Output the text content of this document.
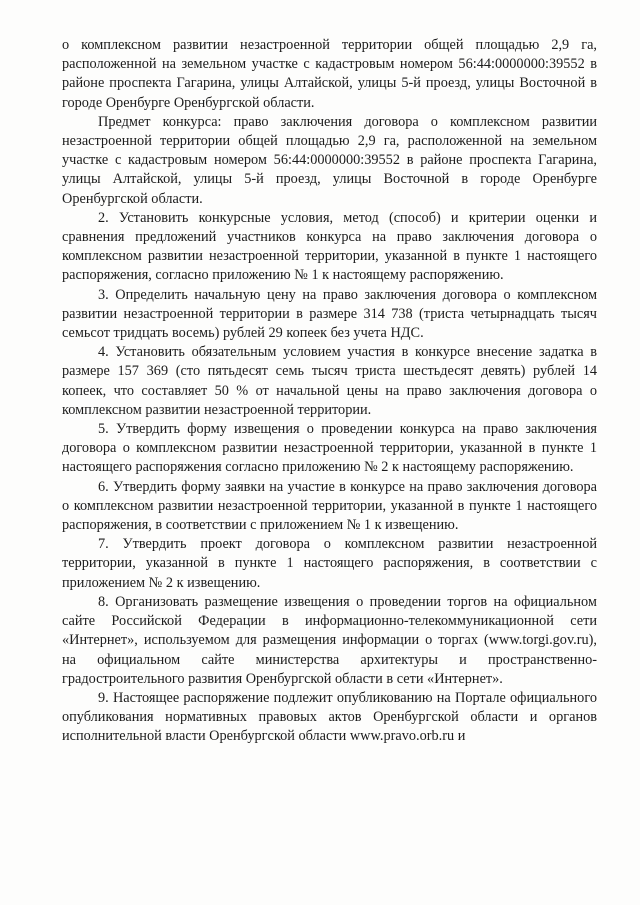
о комплексном развитии незастроенной территории общей площадью 2,9 га, расположенной на земельном участке с кадастровым номером 56:44:0000000:39552 в районе проспекта Гагарина, улицы Алтайской, улицы 5-й проезд, улицы Восточной в городе Оренбурге Оренбургской области.

Предмет конкурса: право заключения договора о комплексном развитии незастроенной территории общей площадью 2,9 га, расположенной на земельном участке с кадастровым номером 56:44:0000000:39552 в районе проспекта Гагарина, улицы Алтайской, улицы 5-й проезд, улицы Восточной в городе Оренбурге Оренбургской области.

2. Установить конкурсные условия, метод (способ) и критерии оценки и сравнения предложений участников конкурса на право заключения договора о комплексном развитии незастроенной территории, указанной в пункте 1 настоящего распоряжения, согласно приложению № 1 к настоящему распоряжению.

3. Определить начальную цену на право заключения договора о комплексном развитии незастроенной территории в размере 314 738 (триста четырнадцать тысяч семьсот тридцать восемь) рублей 29 копеек без учета НДС.

4. Установить обязательным условием участия в конкурсе внесение задатка в размере 157 369 (сто пятьдесят семь тысяч триста шестьдесят девять) рублей 14 копеек, что составляет 50 % от начальной цены на право заключения договора о комплексном развитии незастроенной территории.

5. Утвердить форму извещения о проведении конкурса на право заключения договора о комплексном развитии незастроенной территории, указанной в пункте 1 настоящего распоряжения согласно приложению № 2 к настоящему распоряжению.

6. Утвердить форму заявки на участие в конкурсе на право заключения договора о комплексном развитии незастроенной территории, указанной в пункте 1 настоящего распоряжения, в соответствии с приложением № 1 к извещению.

7. Утвердить проект договора о комплексном развитии незастроенной территории, указанной в пункте 1 настоящего распоряжения, в соответствии с приложением № 2 к извещению.

8. Организовать размещение извещения о проведении торгов на официальном сайте Российской Федерации в информационно-телекоммуникационной сети «Интернет», используемом для размещения информации о торгах (www.torgi.gov.ru), на официальном сайте министерства архитектуры и пространственно-градостроительного развития Оренбургской области в сети «Интернет».

9. Настоящее распоряжение подлежит опубликованию на Портале официального опубликования нормативных правовых актов Оренбургской области и органов исполнительной власти Оренбургской области www.pravo.orb.ru и
